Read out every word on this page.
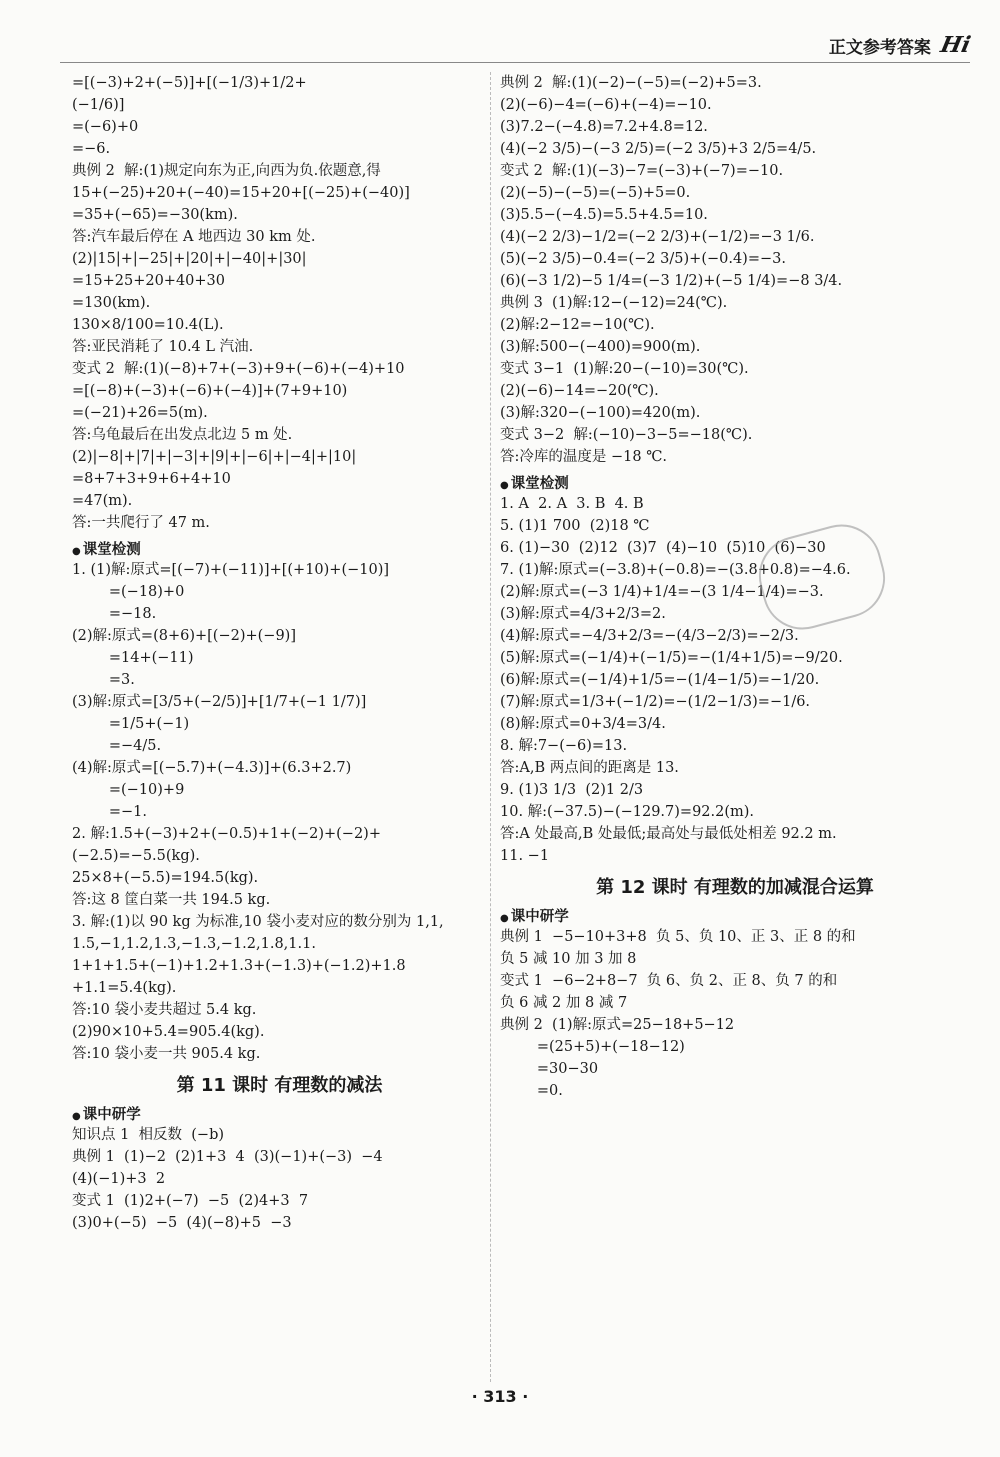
正文参考答案 Hi
=[(−3)+2+(−5)]+[(−1/3)+1/2+
(−1/6)]
=(−6)+0
=−6.
典例 2  解:(1)规定向东为正,向西为负.依题意,得
15+(−25)+20+(−40)=15+20+[(−25)+(−40)]
=35+(−65)=−30(km).
答:汽车最后停在 A 地西边 30 km 处.
(2)|15|+|−25|+|20|+|−40|+|30|
=15+25+20+40+30
=130(km).
130×8/100=10.4(L).
答:亚民消耗了 10.4 L 汽油.
变式 2  解:(1)(−8)+7+(−3)+9+(−6)+(−4)+10
=[(−8)+(−3)+(−6)+(−4)]+(7+9+10)
=(−21)+26=5(m).
答:乌龟最后在出发点北边 5 m 处.
(2)|−8|+|7|+|−3|+|9|+|−6|+|−4|+|10|
=8+7+3+9+6+4+10
=47(m).
答:一共爬行了 47 m.
● 课堂检测
1. (1)解:原式=[(−7)+(−11)]+[(+10)+(−10)]
=(−18)+0
=−18.
(2)解:原式=(8+6)+[(−2)+(−9)]
=14+(−11)
=3.
(3)解:原式=[3/5+(−2/5)]+[1/7+(−1 1/7)]
=1/5+(−1)
=−4/5.
(4)解:原式=[(−5.7)+(−4.3)]+(6.3+2.7)
=(−10)+9
=−1.
2. 解:1.5+(−3)+2+(−0.5)+1+(−2)+(−2)+
(−2.5)=−5.5(kg).
25×8+(−5.5)=194.5(kg).
答:这 8 筐白菜一共 194.5 kg.
3. 解:(1)以 90 kg 为标准,10 袋小麦对应的数分别为 1,1,
1.5,−1,1.2,1.3,−1.3,−1.2,1.8,1.1.
1+1+1.5+(−1)+1.2+1.3+(−1.3)+(−1.2)+1.8
+1.1=5.4(kg).
答:10 袋小麦共超过 5.4 kg.
(2)90×10+5.4=905.4(kg).
答:10 袋小麦一共 905.4 kg.
第 11 课时 有理数的减法
● 课中研学
知识点 1  相反数  (−b)
典例 1  (1)−2  (2)1+3  4  (3)(−1)+(−3)  −4
(4)(−1)+3  2
变式 1  (1)2+(−7)  −5  (2)4+3  7
(3)0+(−5)  −5  (4)(−8)+5  −3
典例 2  解:(1)(−2)−(−5)=(−2)+5=3.
(2)(−6)−4=(−6)+(−4)=−10.
(3)7.2−(−4.8)=7.2+4.8=12.
(4)(−2 3/5)−(−3 2/5)=(−2 3/5)+3 2/5=4/5.
变式 2  解:(1)(−3)−7=(−3)+(−7)=−10.
(2)(−5)−(−5)=(−5)+5=0.
(3)5.5−(−4.5)=5.5+4.5=10.
(4)(−2 2/3)−1/2=(−2 2/3)+(−1/2)=−3 1/6.
(5)(−2 3/5)−0.4=(−2 3/5)+(−0.4)=−3.
(6)(−3 1/2)−5 1/4=(−3 1/2)+(−5 1/4)=−8 3/4.
典例 3  (1)解:12−(−12)=24(℃).
(2)解:2−12=−10(℃).
(3)解:500−(−400)=900(m).
变式 3−1  (1)解:20−(−10)=30(℃).
(2)(−6)−14=−20(℃).
(3)解:320−(−100)=420(m).
变式 3−2  解:(−10)−3−5=−18(℃).
答:冷库的温度是 −18 ℃.
● 课堂检测
1. A  2. A  3. B  4. B
5. (1)1 700  (2)18 ℃
6. (1)−30  (2)12  (3)7  (4)−10  (5)10  (6)−30
7. (1)解:原式=(−3.8)+(−0.8)=−(3.8+0.8)=−4.6.
(2)解:原式=(−3 1/4)+1/4=−(3 1/4−1/4)=−3.
(3)解:原式=4/3+2/3=2.
(4)解:原式=−4/3+2/3=−(4/3−2/3)=−2/3.
(5)解:原式=(−1/4)+(−1/5)=−(1/4+1/5)=−9/20.
(6)解:原式=(−1/4)+1/5=−(1/4−1/5)=−1/20.
(7)解:原式=1/3+(−1/2)=−(1/2−1/3)=−1/6.
(8)解:原式=0+3/4=3/4.
8. 解:7−(−6)=13.
答:A,B 两点间的距离是 13.
9. (1)3 1/3  (2)1 2/3
10. 解:(−37.5)−(−129.7)=92.2(m).
答:A 处最高,B 处最低;最高处与最低处相差 92.2 m.
11. −1
第 12 课时 有理数的加减混合运算
● 课中研学
典例 1  −5−10+3+8  负 5、负 10、正 3、正 8 的和
负 5 减 10 加 3 加 8
变式 1  −6−2+8−7  负 6、负 2、正 8、负 7 的和
负 6 减 2 加 8 减 7
典例 2  (1)解:原式=25−18+5−12
=(25+5)+(−18−12)
=30−30
=0.
· 313 ·
